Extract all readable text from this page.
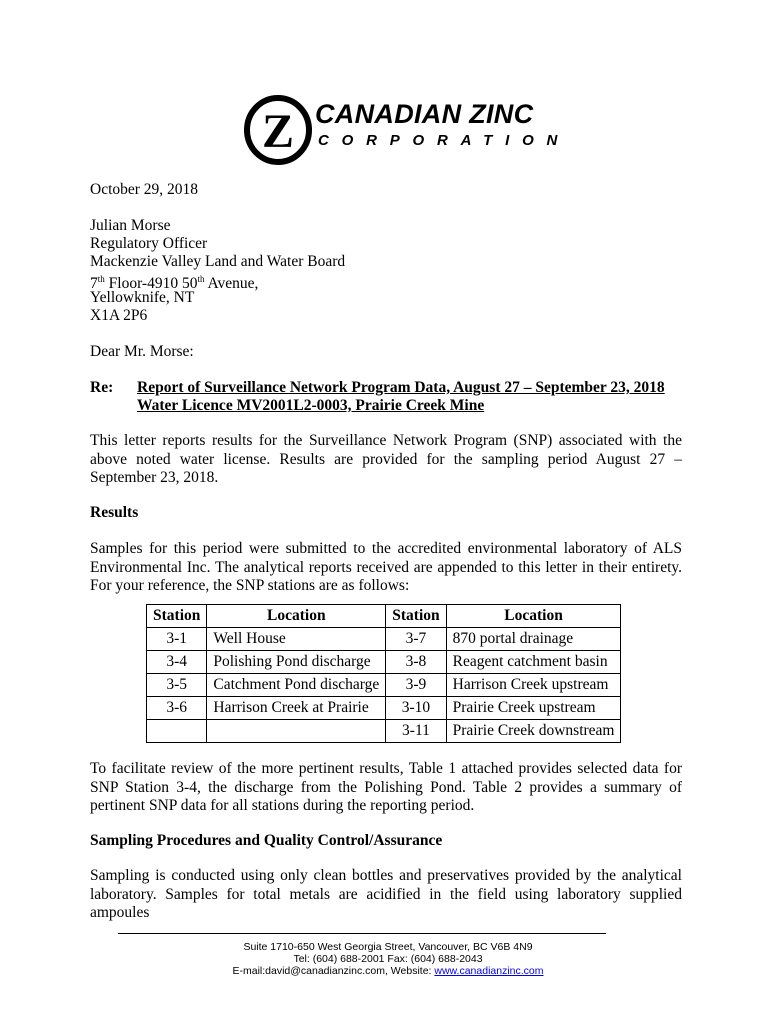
Z CANADIAN ZINC
CORPORATION
October 29, 2018
Julian Morse
Regulatory Officer
Mackenzie Valley Land and Water Board
7th Floor-4910 50th Avenue,
Yellowknife, NT
X1A 2P6
Dear Mr. Morse:
Re: Report of Surveillance Network Program Data, August 27 – September 23, 2018
Water Licence MV2001L2-0003, Prairie Creek Mine
This letter reports results for the Surveillance Network Program (SNP) associated with the above noted water license. Results are provided for the sampling period August 27 – September 23, 2018.
Results
Samples for this period were submitted to the accredited environmental laboratory of ALS Environmental Inc. The analytical reports received are appended to this letter in their entirety. For your reference, the SNP stations are as follows:
Station	Location	Station	Location
3-1	Well House	3-7	870 portal drainage
3-4	Polishing Pond discharge	3-8	Reagent catchment basin
3-5	Catchment Pond discharge	3-9	Harrison Creek upstream
3-6	Harrison Creek at Prairie	3-10	Prairie Creek upstream
		3-11	Prairie Creek downstream
To facilitate review of the more pertinent results, Table 1 attached provides selected data for SNP Station 3-4, the discharge from the Polishing Pond. Table 2 provides a summary of pertinent SNP data for all stations during the reporting period.
Sampling Procedures and Quality Control/Assurance
Sampling is conducted using only clean bottles and preservatives provided by the analytical laboratory. Samples for total metals are acidified in the field using laboratory supplied ampoules
Suite 1710-650 West Georgia Street, Vancouver, BC V6B 4N9
Tel: (604) 688-2001 Fax: (604) 688-2043
E-mail:david@canadianzinc.com, Website: www.canadianzinc.com
